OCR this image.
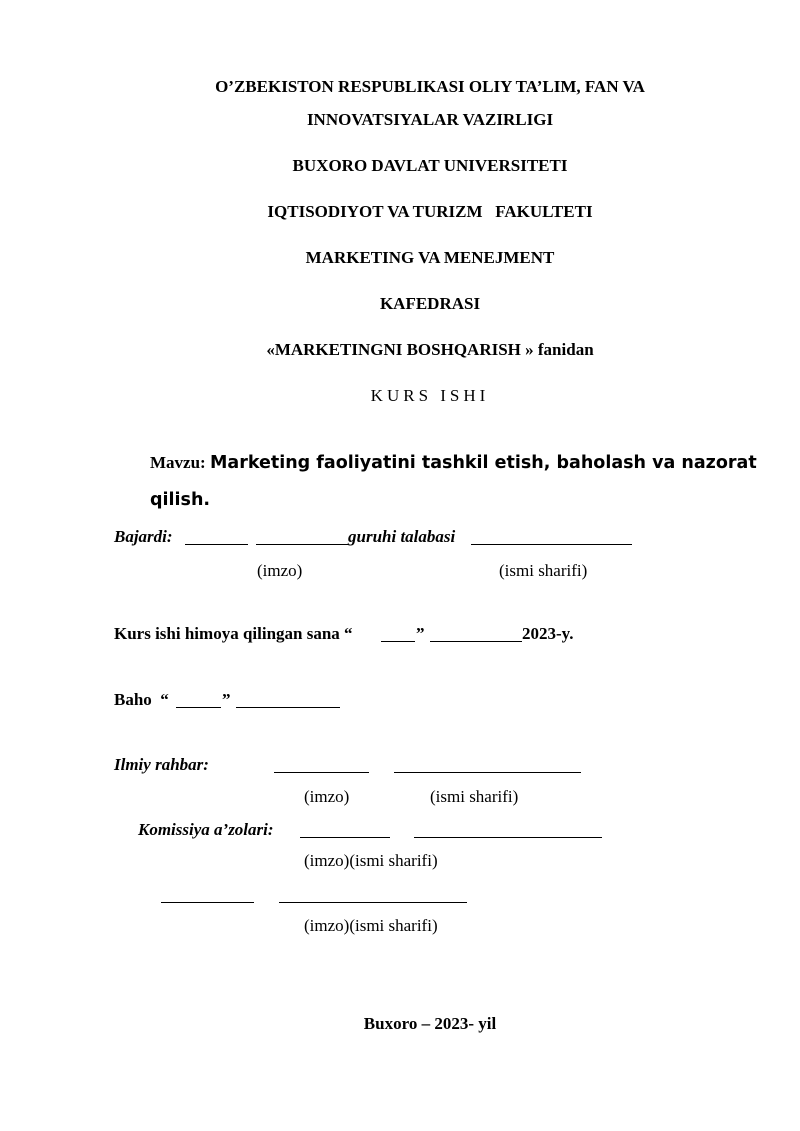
O’ZBEKISTON RESPUBLIKASI OLIY TA’LIM, FAN VA
INNOVATSIYALAR VAZIRLIGI
BUXORO DAVLAT UNIVERSITETI
IQTISODIYOT VA TURIZM   FAKULTETI
MARKETING VA MENEJMENT
KAFEDRASI
«MARKETINGNI BOSHQARISH » fanidan
KURS ISHI
Mavzu: Marketing faoliyatini tashkil etish, baholash va nazorat
qilish.
Bajardi:	guruhi talabasi
(imzo)	(ismi sharifi)
Kurs ishi himoya qilingan sana “	”	2023-y.
Baho  “	”
Ilmiy rahbar:
(imzo)	(ismi sharifi)
Komissiya a’zolari:
(imzo)(ismi sharifi)
(imzo)(ismi sharifi)
Buxoro – 2023- yil
